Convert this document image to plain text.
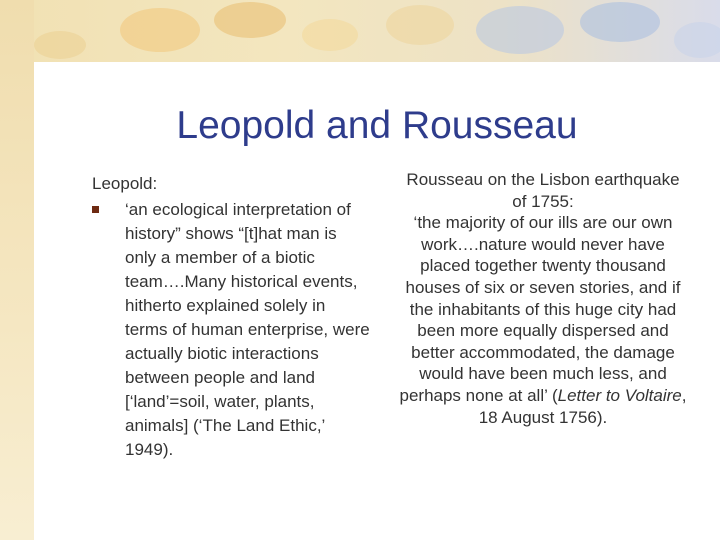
Leopold and Rousseau
Leopold:
‘an ecological interpretation of history” shows “[t]hat man is only a member of a biotic team….Many historical events, hitherto explained solely in terms of human enterprise, were actually biotic interactions between people and land [‘land’=soil, water, plants, animals] (‘The Land Ethic,’ 1949).

Rousseau on the Lisbon earthquake of 1755:

‘the majority of our ills are our own work….nature would never have placed together twenty thousand houses of six or seven stories, and if the inhabitants of this huge city had been more equally dispersed and better accommodated, the damage would have been much less, and perhaps none at all’ (Letter to Voltaire, 18 August 1756).
